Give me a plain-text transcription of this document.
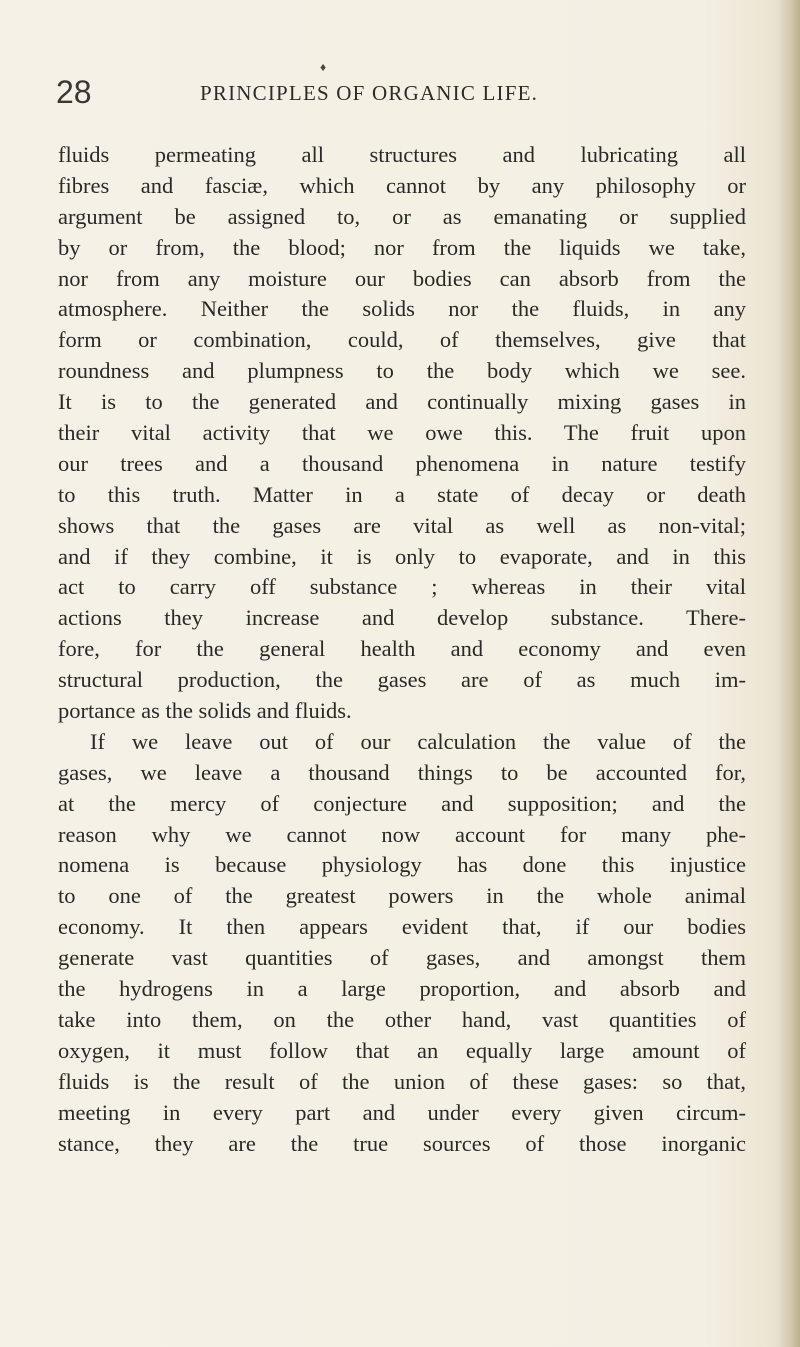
28
♦
PRINCIPLES OF ORGANIC LIFE.
fluids permeating all structures and lubricating all
fibres and fasciæ, which cannot by any philosophy or
argument be assigned to, or as emanating or supplied
by or from, the blood; nor from the liquids we take,
nor from any moisture our bodies can absorb from the
atmosphere. Neither the solids nor the fluids, in any
form or combination, could, of themselves, give that
roundness and plumpness to the body which we see.
It is to the generated and continually mixing gases in
their vital activity that we owe this. The fruit upon
our trees and a thousand phenomena in nature testify
to this truth. Matter in a state of decay or death
shows that the gases are vital as well as non-vital;
and if they combine, it is only to evaporate, and in this
act to carry off substance ; whereas in their vital
actions they increase and develop substance. There-
fore, for the general health and economy and even
structural production, the gases are of as much im-
portance as the solids and fluids.
If we leave out of our calculation the value of the
gases, we leave a thousand things to be accounted for,
at the mercy of conjecture and supposition; and the
reason why we cannot now account for many phe-
nomena is because physiology has done this injustice
to one of the greatest powers in the whole animal
economy. It then appears evident that, if our bodies
generate vast quantities of gases, and amongst them
the hydrogens in a large proportion, and absorb and
take into them, on the other hand, vast quantities of
oxygen, it must follow that an equally large amount of
fluids is the result of the union of these gases: so that,
meeting in every part and under every given circum-
stance, they are the true sources of those inorganic
